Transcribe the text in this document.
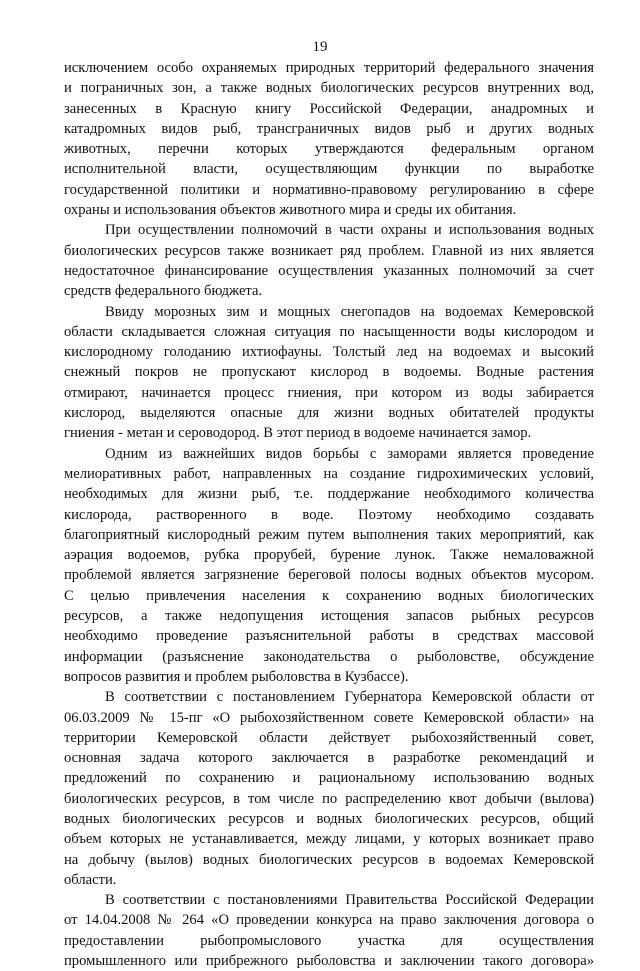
19
исключением особо охраняемых природных территорий федерального значения
и пограничных зон, а также водных биологических ресурсов внутренних вод,
занесенных в Красную книгу Российской Федерации, анадромных и
катадромных видов рыб, трансграничных видов рыб и других водных
животных, перечни которых утверждаются федеральным органом
исполнительной власти, осуществляющим функции по выработке
государственной политики и нормативно-правовому регулированию в сфере
охраны и использования объектов животного мира и среды их обитания.
При осуществлении полномочий в части охраны и использования водных
биологических ресурсов также возникает ряд проблем. Главной из них является
недостаточное финансирование осуществления указанных полномочий за счет
средств федерального бюджета.
Ввиду морозных зим и мощных снегопадов на водоемах Кемеровской
области складывается сложная ситуация по насыщенности воды кислородом и
кислородному голоданию ихтиофауны. Толстый лед на водоемах и высокий
снежный покров не пропускают кислород в водоемы. Водные растения
отмирают, начинается процесс гниения, при котором из воды забирается
кислород, выделяются опасные для жизни водных обитателей продукты
гниения - метан и сероводород. В этот период в водоеме начинается замор.
Одним из важнейших видов борьбы с заморами является проведение
мелиоративных работ, направленных на создание гидрохимических условий,
необходимых для жизни рыб, т.е. поддержание необходимого количества
кислорода, растворенного в воде. Поэтому необходимо создавать
благоприятный кислородный режим путем выполнения таких мероприятий, как
аэрация водоемов, рубка прорубей, бурение лунок. Также немаловажной
проблемой является загрязнение береговой полосы водных объектов мусором.
С целью привлечения населения к сохранению водных биологических
ресурсов, а также недопущения истощения запасов рыбных ресурсов
необходимо проведение разъяснительной работы в средствах массовой
информации (разъяснение законодательства о рыболовстве, обсуждение
вопросов развития и проблем рыболовства в Кузбассе).
В соответствии с постановлением Губернатора Кемеровской области от
06.03.2009 № 15-пг «О рыбохозяйственном совете Кемеровской области» на
территории Кемеровской области действует рыбохозяйственный совет,
основная задача которого заключается в разработке рекомендаций и
предложений по сохранению и рациональному использованию водных
биологических ресурсов, в том числе по распределению квот добычи (вылова)
водных биологических ресурсов и водных биологических ресурсов, общий
объем которых не устанавливается, между лицами, у которых возникает право
на добычу (вылов) водных биологических ресурсов в водоемах Кемеровской
области.
В соответствии с постановлениями Правительства Российской Федерации
от 14.04.2008 № 264 «О проведении конкурса на право заключения договора о
предоставлении рыбопромыслового участка для осуществления
промышленного или прибрежного рыболовства и заключении такого договора»
